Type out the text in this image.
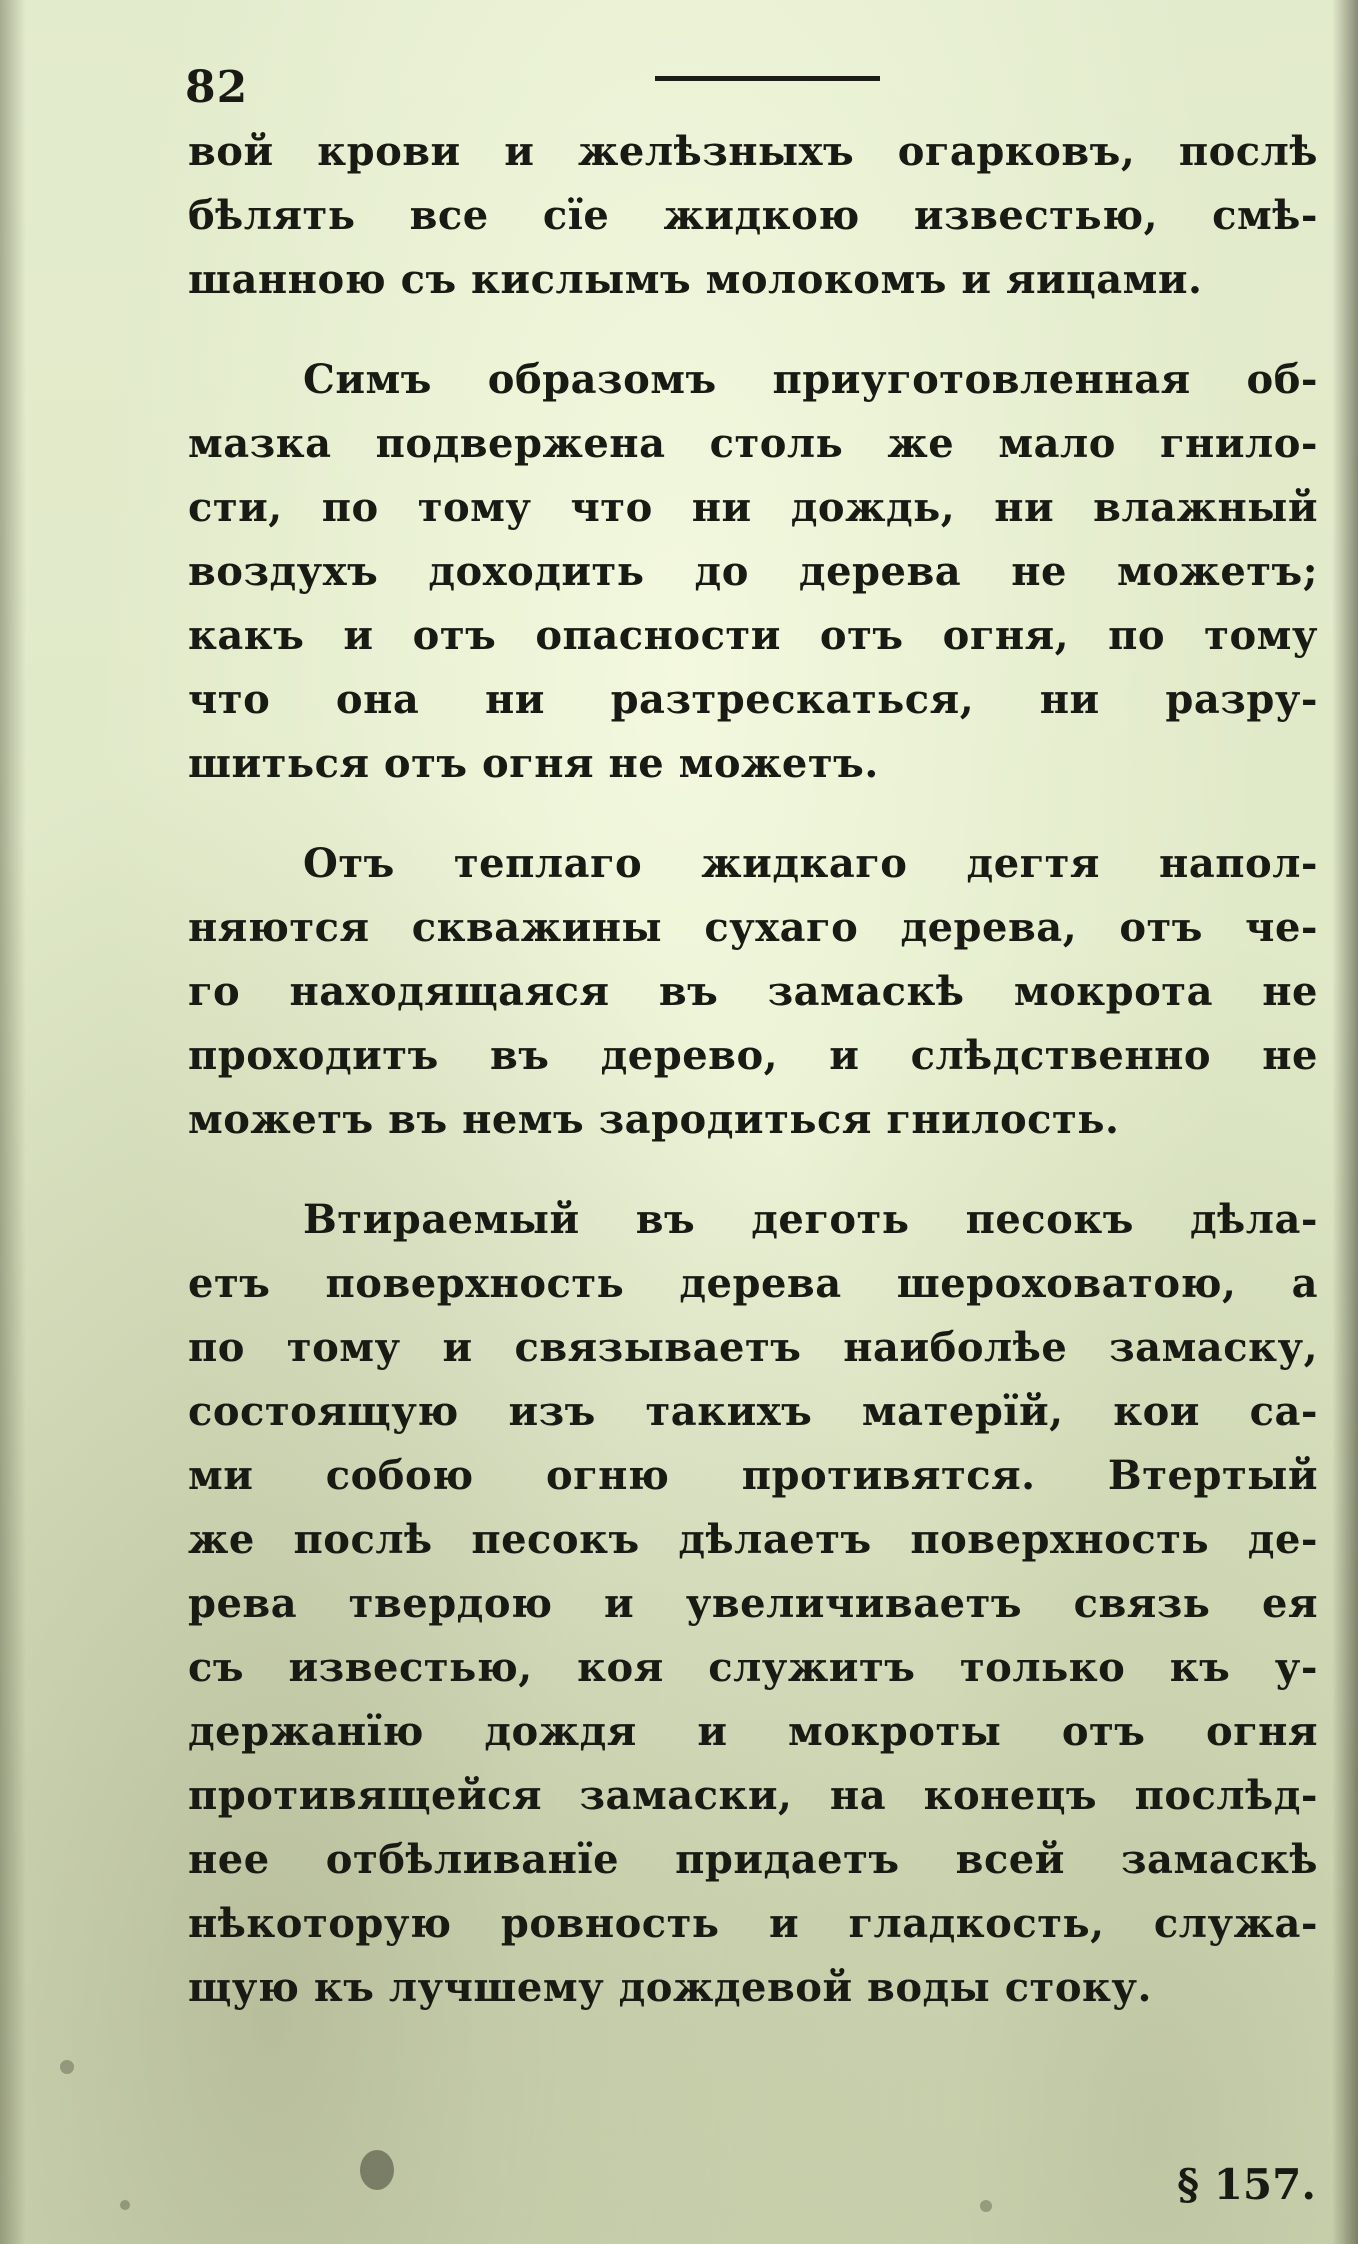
82
вой крови и желѣзныхъ огарковъ, послѣ
бѣлять все сїе жидкою известью, смѣ-
шанною съ кислымъ молокомъ и яицами.
Симъ образомъ приуготовленная об-
мазка подвержена столь же мало гнило-
сти, по тому что ни дождь, ни влажный
воздухъ доходить до дерева не можетъ;
какъ и отъ опасности отъ огня, по тому
что она ни разтрескаться, ни разру-
шиться отъ огня не можетъ.
Отъ теплаго жидкаго дегтя напол-
няются скважины сухаго дерева, отъ че-
го находящаяся въ замаскѣ мокрота не
проходитъ въ дерево, и слѣдственно не
можетъ въ немъ зародиться гнилость.
Втираемый въ деготь песокъ дѣла-
етъ поверхность дерева шероховатою, а
по тому и связываетъ наиболѣе замаску,
состоящую изъ такихъ матерїй, кои са-
ми собою огню противятся. Втертый
же послѣ песокъ дѣлаетъ поверхность де-
рева твердою и увеличиваетъ связь ея
съ известью, коя служитъ только къ у-
держанїю дождя и мокроты отъ огня
противящейся замаски, на конецъ послѣд-
нее отбѣливанїе придаетъ всей замаскѣ
нѣкоторую ровность и гладкость, служа-
щую къ лучшему дождевой воды стоку.
§ 157.
